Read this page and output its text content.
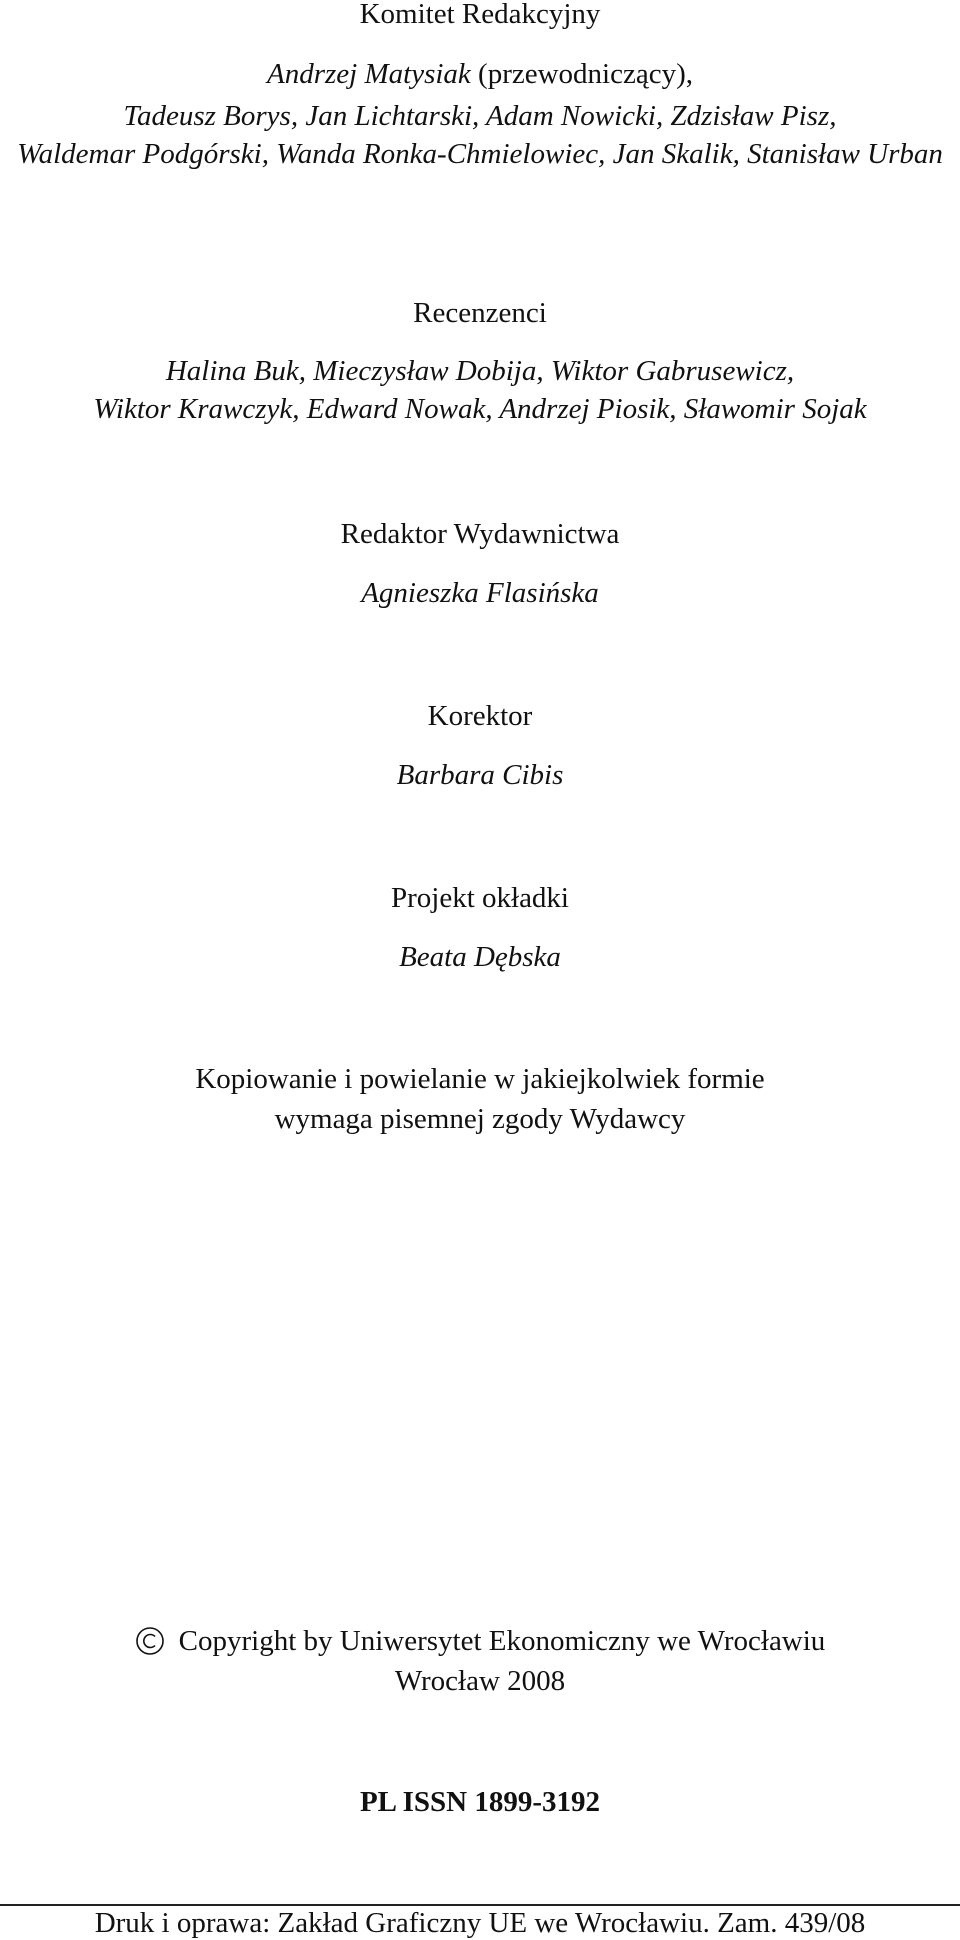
Komitet Redakcyjny
Andrzej Matysiak (przewodniczący),
Tadeusz Borys, Jan Lichtarski, Adam Nowicki, Zdzisław Pisz,
Waldemar Podgórski, Wanda Ronka-Chmielowiec, Jan Skalik, Stanisław Urban
Recenzenci
Halina Buk, Mieczysław Dobija, Wiktor Gabrusewicz,
Wiktor Krawczyk, Edward Nowak, Andrzej Piosik, Sławomir Sojak
Redaktor Wydawnictwa
Agnieszka Flasińska
Korektor
Barbara Cibis
Projekt okładki
Beata Dębska
Kopiowanie i powielanie w jakiejkolwiek formie
wymaga pisemnej zgody Wydawcy
Copyright by Uniwersytet Ekonomiczny we Wrocławiu
Wrocław 2008
PL ISSN 1899-3192
Druk i oprawa: Zakład Graficzny UE we Wrocławiu. Zam. 439/08
